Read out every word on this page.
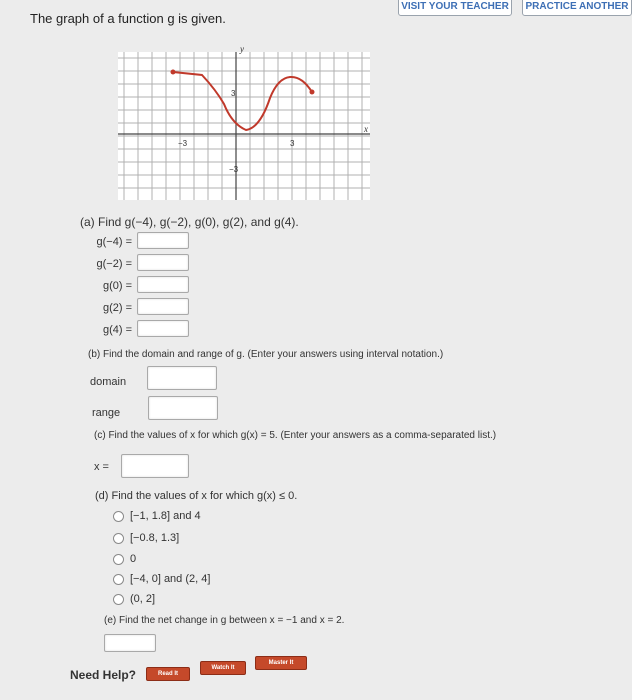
VISIT YOUR TEACHER	PRACTICE ANOTHER
The graph of a function g is given.
y
x
−3	3
3
−3
(a) Find g(−4), g(−2), g(0), g(2), and g(4).
g(−4) =
g(−2) =
g(0) =
g(2) =
g(4) =
(b) Find the domain and range of g. (Enter your answers using interval notation.)
domain
range
(c) Find the values of x for which g(x) = 5. (Enter your answers as a comma-separated list.)
x =
(d) Find the values of x for which g(x) ≤ 0.
[−1, 1.8] and 4
[−0.8, 1.3]
0
[−4, 0] and (2, 4]
(0, 2]
(e) Find the net change in g between x = −1 and x = 2.
Need Help?	Read It
Watch It
Master It
